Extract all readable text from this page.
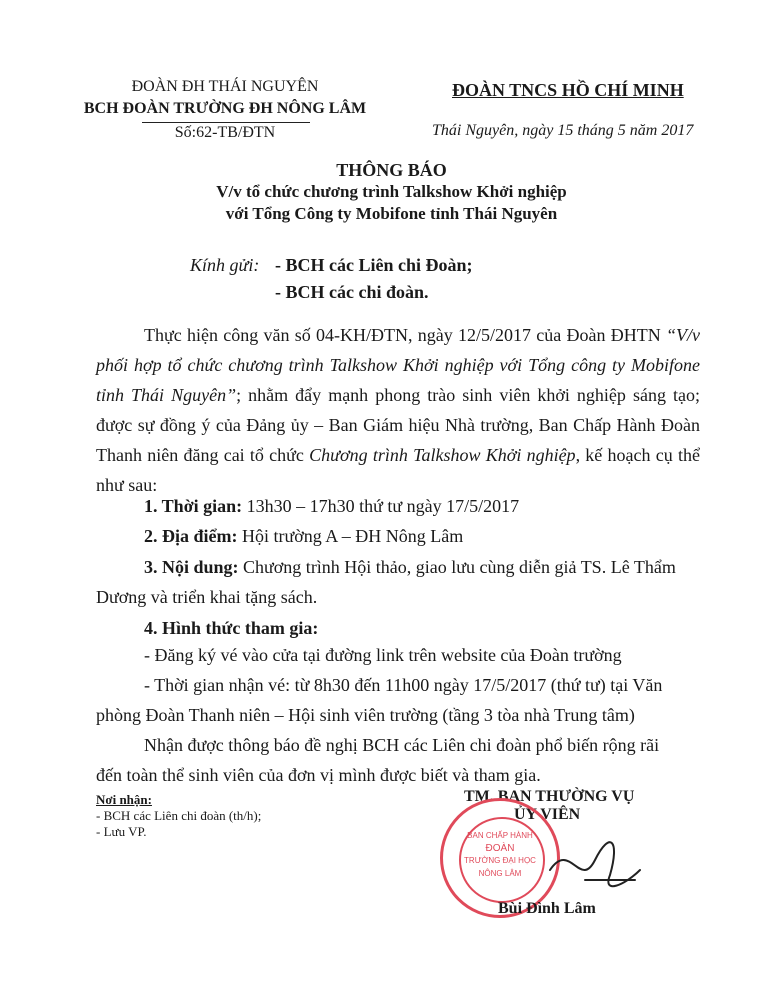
ĐOÀN ĐH THÁI NGUYÊN
BCH ĐOÀN TRƯỜNG ĐH NÔNG LÂM
Số:62-TB/ĐTN
ĐOÀN TNCS HỒ CHÍ MINH
Thái Nguyên, ngày 15 tháng 5 năm 2017
THÔNG BÁO
V/v tổ chức chương trình Talkshow Khởi nghiệp
với Tổng Công ty Mobifone tỉnh Thái Nguyên
Kính gửi: - BCH các Liên chi Đoàn;
- BCH các chi đoàn.
Thực hiện công văn số 04-KH/ĐTN, ngày 12/5/2017 của Đoàn ĐHTN “V/v phối hợp tổ chức chương trình Talkshow Khởi nghiệp với Tổng công ty Mobifone tỉnh Thái Nguyên”; nhằm đẩy mạnh phong trào sinh viên khởi nghiệp sáng tạo; được sự đồng ý của Đảng ủy – Ban Giám hiệu Nhà trường, Ban Chấp Hành Đoàn Thanh niên đăng cai tổ chức Chương trình Talkshow Khởi nghiệp, kế hoạch cụ thể như sau:
1. Thời gian: 13h30 – 17h30 thứ tư ngày 17/5/2017
2. Địa điểm: Hội trường A – ĐH Nông Lâm
3. Nội dung: Chương trình Hội thảo, giao lưu cùng diễn giả TS. Lê Thẩm
Dương và triển khai tặng sách.
4. Hình thức tham gia:
- Đăng ký vé vào cửa tại đường link trên website của Đoàn trường
- Thời gian nhận vé: từ 8h30 đến 11h00 ngày 17/5/2017 (thứ tư) tại Văn
phòng Đoàn Thanh niên – Hội sinh viên trường (tầng 3 tòa nhà Trung tâm)
Nhận được thông báo đề nghị BCH các Liên chi đoàn phổ biến rộng rãi
đến toàn thể sinh viên của đơn vị mình được biết và tham gia.
Nơi nhận:
- BCH các Liên chi đoàn (th/h);
- Lưu VP.
TM. BAN THƯỜNG VỤ
ỦY VIÊN
BAN CHẤP HÀNH
ĐOÀN
TRƯỜNG ĐẠI HỌC
NÔNG LÂM
Bùi Đình Lâm
